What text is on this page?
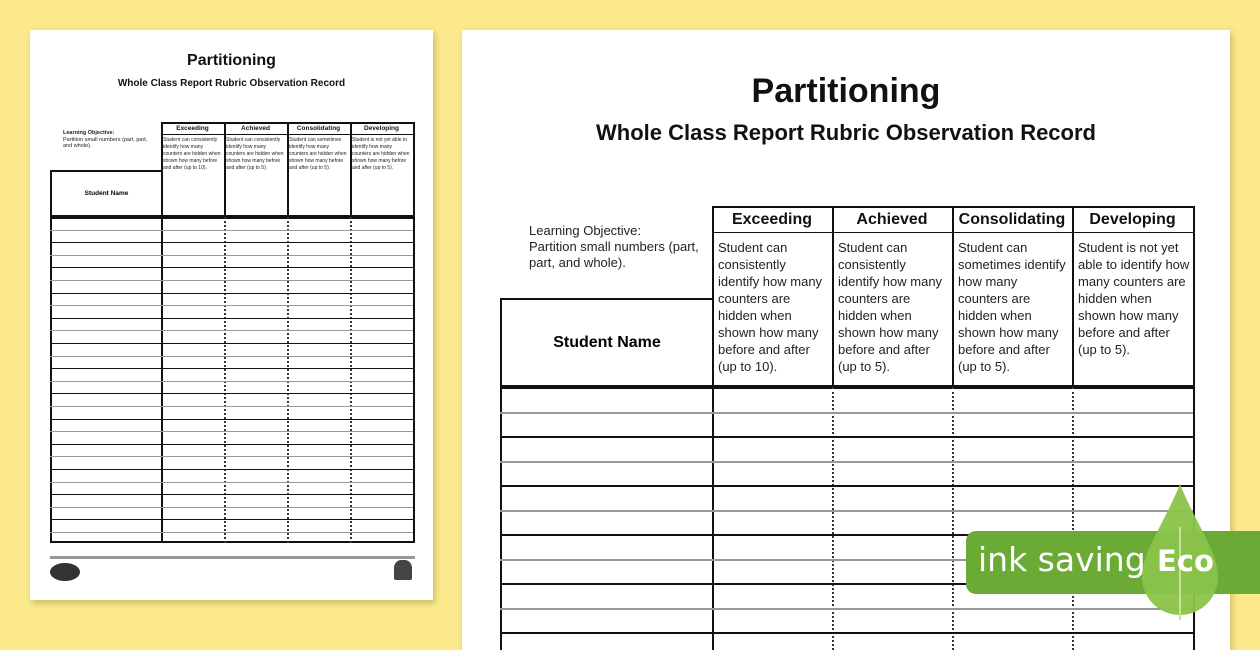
Partitioning
Whole Class Report Rubric Observation Record
Learning Objective:
Partition small numbers (part, part, and whole).
Student Name
Exceeding
Student can consistently identify how many counters are hidden when shown how many before and after (up to 10).
Achieved
Student can consistently identify how many counters are hidden when shown how many before and after (up to 5).
Consolidating
Student can sometimes identify how many counters are hidden when shown how many before and after (up to 5).
Developing
Student is not yet able to identify how many counters are hidden when shown how many before and after (up to 5).
Partitioning
Whole Class Report Rubric Observation Record
Learning Objective:
Partition small numbers (part, part, and whole).
Student Name
Exceeding
Student can consistently identify how many counters are hidden when shown how many before and after (up to 10).
Achieved
Student can consistently identify how many counters are hidden when shown how many before and after (up to 5).
Consolidating
Student can sometimes identify how many counters are hidden when shown how many before and after (up to 5).
Developing
Student is not yet able to identify how many counters are hidden when shown how many before and after (up to 5).
ink saving Eco
